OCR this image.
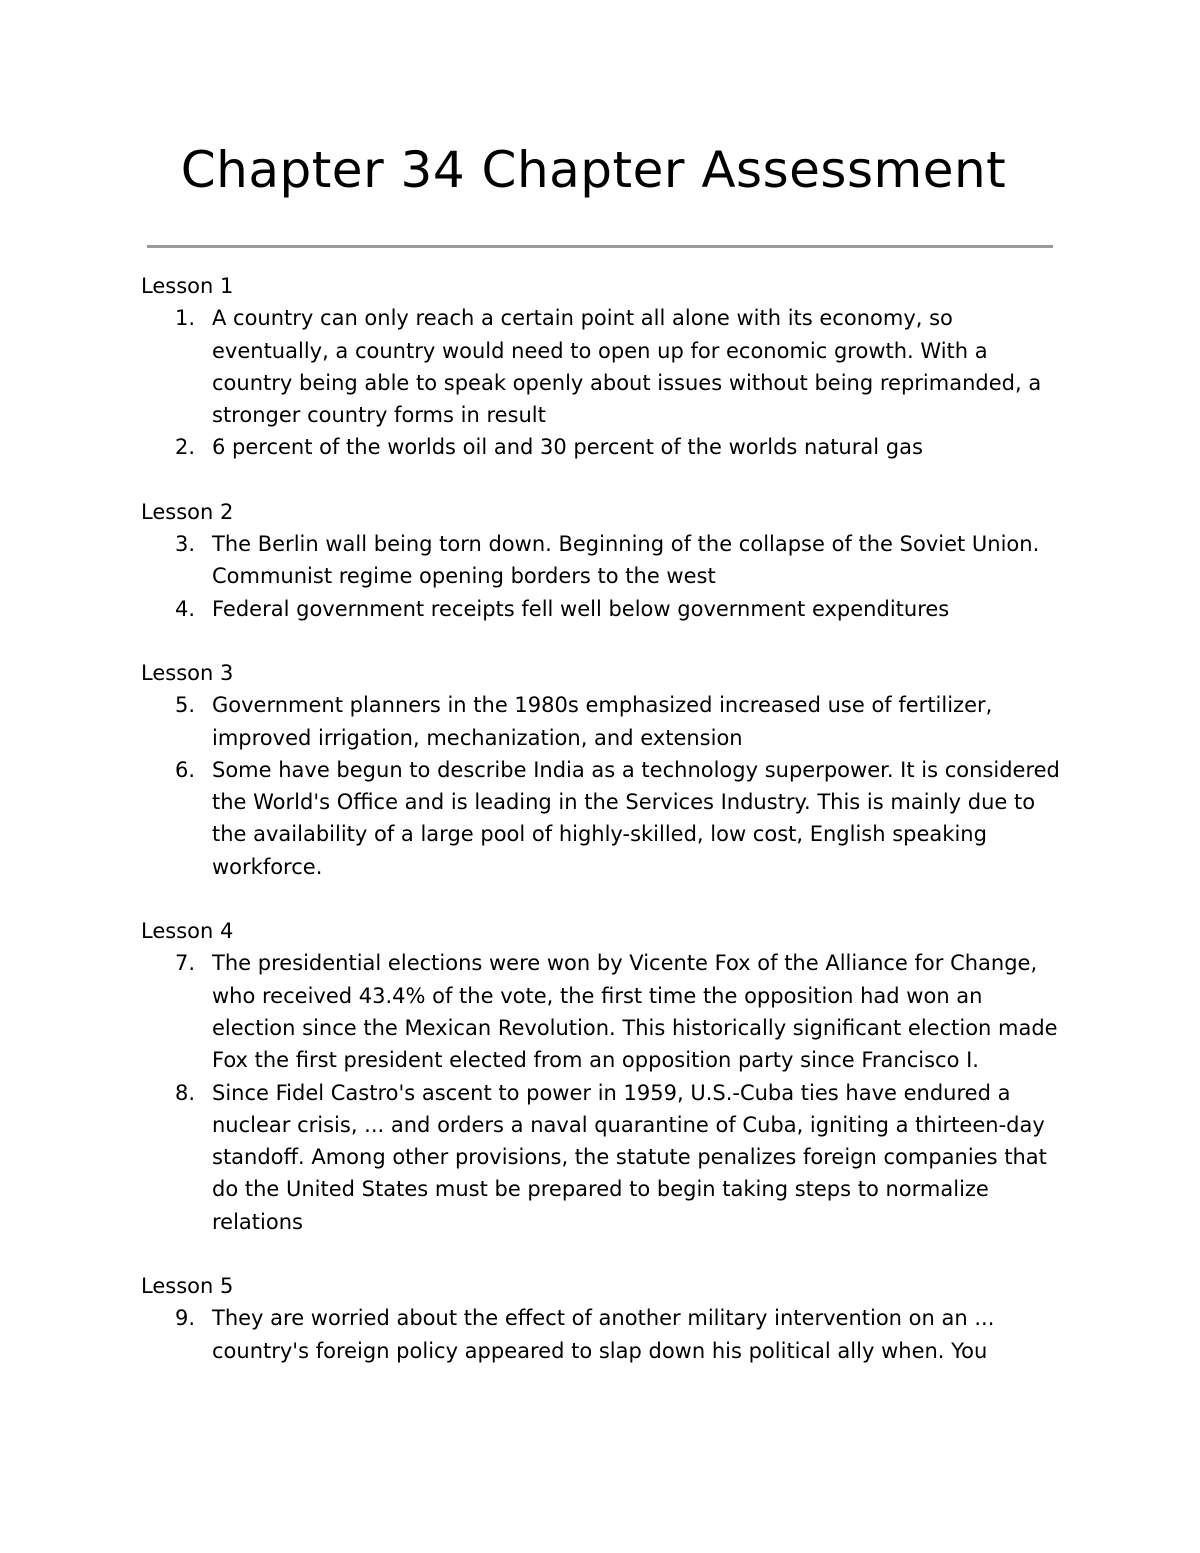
Chapter 34 Chapter Assessment
Lesson 1
1. A country can only reach a certain point all alone with its economy, so eventually, a country would need to open up for economic growth. With a country being able to speak openly about issues without being reprimanded, a stronger country forms in result
2. 6 percent of the worlds oil and 30 percent of the worlds natural gas
Lesson 2
3. The Berlin wall being torn down. Beginning of the collapse of the Soviet Union. Communist regime opening borders to the west
4. Federal government receipts fell well below government expenditures
Lesson 3
5. Government planners in the 1980s emphasized increased use of fertilizer, improved irrigation, mechanization, and extension
6. Some have begun to describe India as a technology superpower. It is considered the World's Office and is leading in the Services Industry. This is mainly due to the availability of a large pool of highly-skilled, low cost, English speaking workforce.
Lesson 4
7. The presidential elections were won by Vicente Fox of the Alliance for Change, who received 43.4% of the vote, the first time the opposition had won an election since the Mexican Revolution. This historically significant election made Fox the first president elected from an opposition party since Francisco I.
8. Since Fidel Castro's ascent to power in 1959, U.S.-Cuba ties have endured a nuclear crisis, ... and orders a naval quarantine of Cuba, igniting a thirteen-day standoff. Among other provisions, the statute penalizes foreign companies that do the United States must be prepared to begin taking steps to normalize relations
Lesson 5
9. They are worried about the effect of another military intervention on an ... country's foreign policy appeared to slap down his political ally when. You
